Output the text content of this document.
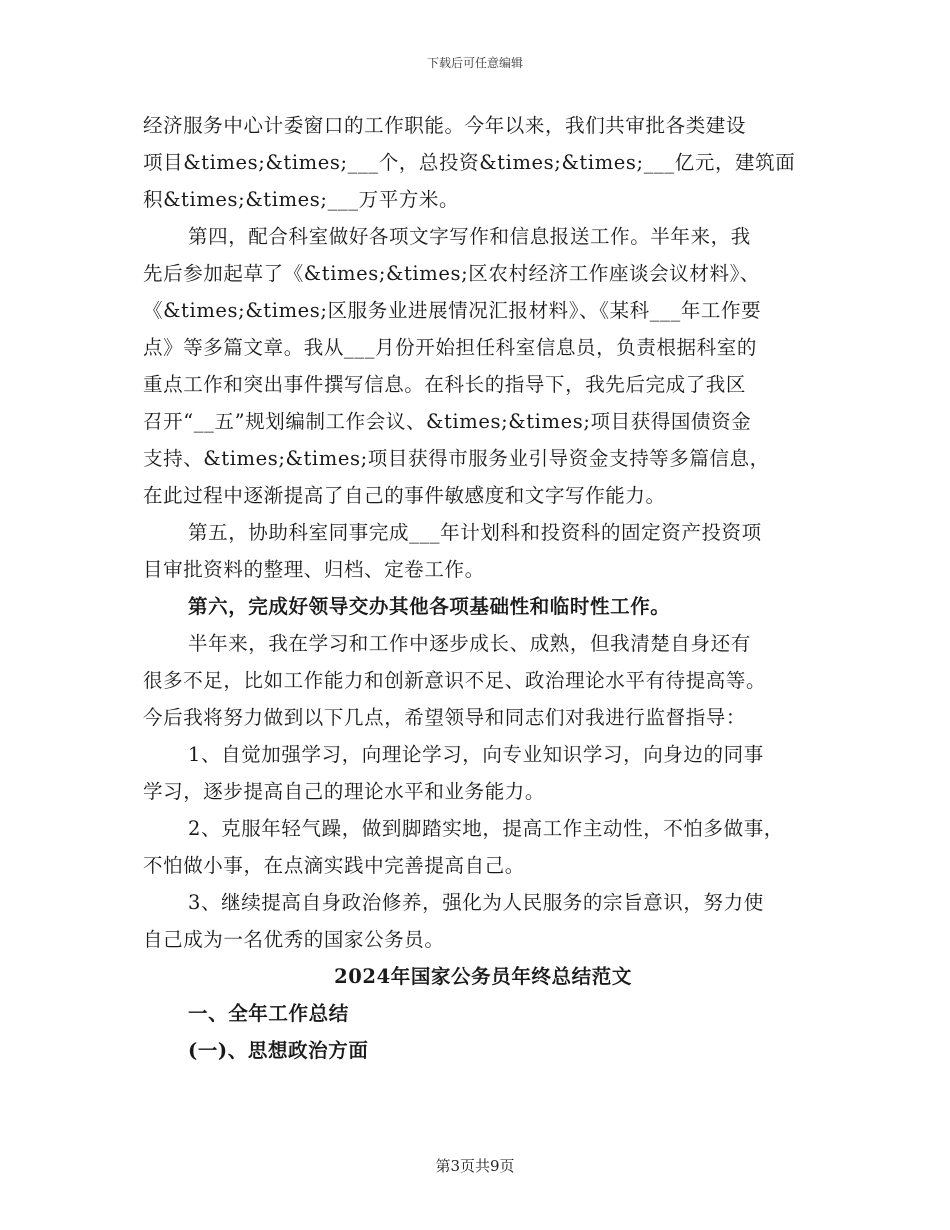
下载后可任意编辑
经济服务中心计委窗口的工作职能。今年以来，我们共审批各类建设
项目&times;&times;___个，总投资&times;&times;___亿元，建筑面
积&times;&times;___万平方米。
第四，配合科室做好各项文字写作和信息报送工作。半年来，我
先后参加起草了《&times;&times;区农村经济工作座谈会议材料》、
《&times;&times;区服务业进展情况汇报材料》、《某科___年工作要
点》等多篇文章。我从___月份开始担任科室信息员，负责根据科室的
重点工作和突出事件撰写信息。在科长的指导下，我先后完成了我区
召开“__五”规划编制工作会议、&times;&times;项目获得国债资金
支持、&times;&times;项目获得市服务业引导资金支持等多篇信息，
在此过程中逐渐提高了自己的事件敏感度和文字写作能力。
第五，协助科室同事完成___年计划科和投资科的固定资产投资项
目审批资料的整理、归档、定卷工作。
第六，完成好领导交办其他各项基础性和临时性工作。
半年来，我在学习和工作中逐步成长、成熟，但我清楚自身还有
很多不足，比如工作能力和创新意识不足、政治理论水平有待提高等。
今后我将努力做到以下几点，希望领导和同志们对我进行监督指导：
1、自觉加强学习，向理论学习，向专业知识学习，向身边的同事
学习，逐步提高自己的理论水平和业务能力。
2、克服年轻气躁，做到脚踏实地，提高工作主动性，不怕多做事，
不怕做小事，在点滴实践中完善提高自己。
3、继续提高自身政治修养，强化为人民服务的宗旨意识，努力使
自己成为一名优秀的国家公务员。
2024年国家公务员年终总结范文
一、全年工作总结
(一)、思想政治方面
第3页共9页
